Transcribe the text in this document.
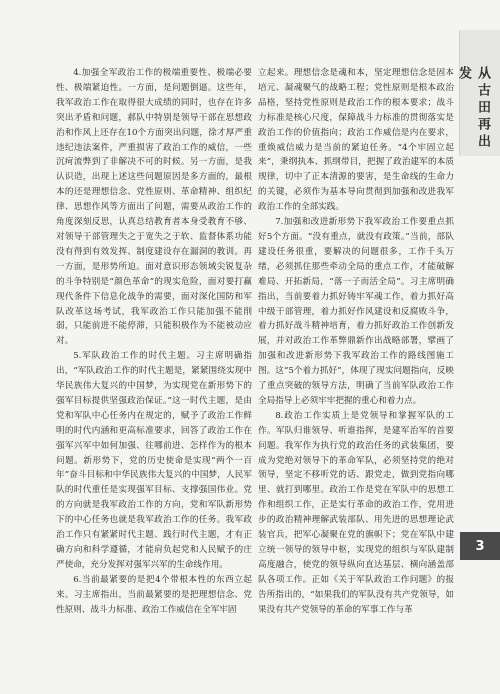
4.加强全军政治工作的极端重要性、极端必要性、极端紧迫性。一方面，是问题倒逼。这些年，我军政治工作在取得很大成绩的同时，也存在许多突出矛盾和问题，郝队中特别是领导干部在思想政治和作风上还存在10个方面突出问题，徐才厚严重违纪违法案件，严重损害了政治工作的威信，一些沉疴流弊到了非解决不可的时候。另一方面，是我认识造，出现上述这些问题原因是多方面的，最根本的还是理想信念、党性原则、革命精神、组织纪律、思想作风等方面出了问题，需要从政治工作的角度深刻反思，认真总结教育者本身受教育不够、对领导干部管理失之于宽失之于软、监督体系功能没有得到有效发挥、制度建设存在漏洞的教训。再一方面，是形势所迫。面对意识形态领域尖锐复杂的斗争特别是“颜色革命”的现实危险，面对要打赢现代条件下信息化战争的需要，面对深化国防和军队改革这场考试，我军政治工作只能加强不能削弱，只能前进不能停滞，只能积极作为不能被动应对。

5.军队政治工作的时代主题。习主席明确指出，“军队政治工作的时代主题是，紧紧围绕实现中华民族伟大复兴的中国梦，为实现党在新形势下的强军目标提供坚强政治保证。”这一时代主题，是由党和军队中心任务内在规定的，赋予了政治工作鲜明的时代内涵和更高标准要求，回答了政治工作在强军兴军中如何加强、往哪前进、怎样作为的根本问题。新形势下，党的历史使命是实现“两个一百年”奋斗目标和中华民族伟大复兴的中国梦，人民军队的时代重任是实现强军目标、支撑强国伟业。党的方向就是我军政治工作的方向，党和军队新形势下的中心任务也就是我军政治工作的任务。我军政治工作只有紧紧时代主题、践行时代主题，才有正确方向和科学遵循，才能肩负起党和人民赋予的庄严使命，充分发挥对强军兴军的生命线作用。

6.当前最紧要的是把4个带根本性的东西立起来。习主席指出，当前最紧要的是把理想信念、党性原则、战斗力标准、政治工作威信在全军牢固

立起来。理想信念是魂和本，坚定理想信念是固本培元、凝魂聚气的战略工程；党性原则是根本政治品格，坚持党性原则是政治工作的根本要求；战斗力标准是核心尺度，保障战斗力标准的贯彻落实是政治工作的价值指向；政治工作威信是内在要求，重焕威信威力是当前的紧迫任务。“4个牢固立起来”，秉纲执本、抓纲带目，把握了政治建军的本质规律，切中了正本清源的要害，是生命线的生命力的关键，必须作为基本导向贯彻到加强和改进我军政治工作的全部实践。

7.加强和改进新形势下我军政治工作要重点抓好5个方面。“没有重点，就没有政策。”当前，部队建设任务很重，要解决的问题很多，工作千头万绪，必须抓住那些牵动全局的重点工作，才能破解难局、开拓新局，“落一子而活全局”。习主席明确指出，当前要着力抓好铸牢军魂工作，着力抓好高中级干部管理，着力抓好作风建设和反腐败斗争，着力抓好战斗精神培育，着力抓好政治工作创新发展，并对政治工作革弊鼎新作出战略部署，擘画了加强和改进新形势下我军政治工作的路线图施工图。这“5个着力抓好”，体现了现实问题指向，反映了重点突破的领导方法，明确了当前军队政治工作全局指导上必须牢牢把握的重心和着力点。

8.政治工作实质上是党领导和掌握军队的工作。军队归谁领导、听谁指挥，是建军治军的首要问题。我军作为执行党的政治任务的武装集团，要成为党绝对领导下的革命军队，必须坚持党的绝对领导，坚定不移听党的话、跟党走，做到党指向哪里、就打到哪里。政治工作是党在军队中的思想工作和组织工作，正是实行革命的政治工作，党用进步的政治精神理解武装部队、用先进的思想理论武装官兵，把军心凝聚在党的旗帜下；党在军队中建立统一领导的领导中枢，实现党的组织与军队建制高度融合，使党的领导纵向直达基层、横向涵盖部队各项工作。正如《关于军队政治工作问题》的报告所指出的，“如果我们的军队没有共产党领导，如果没有共产党领导的革命的军事工作与革

从古田再出发
3
